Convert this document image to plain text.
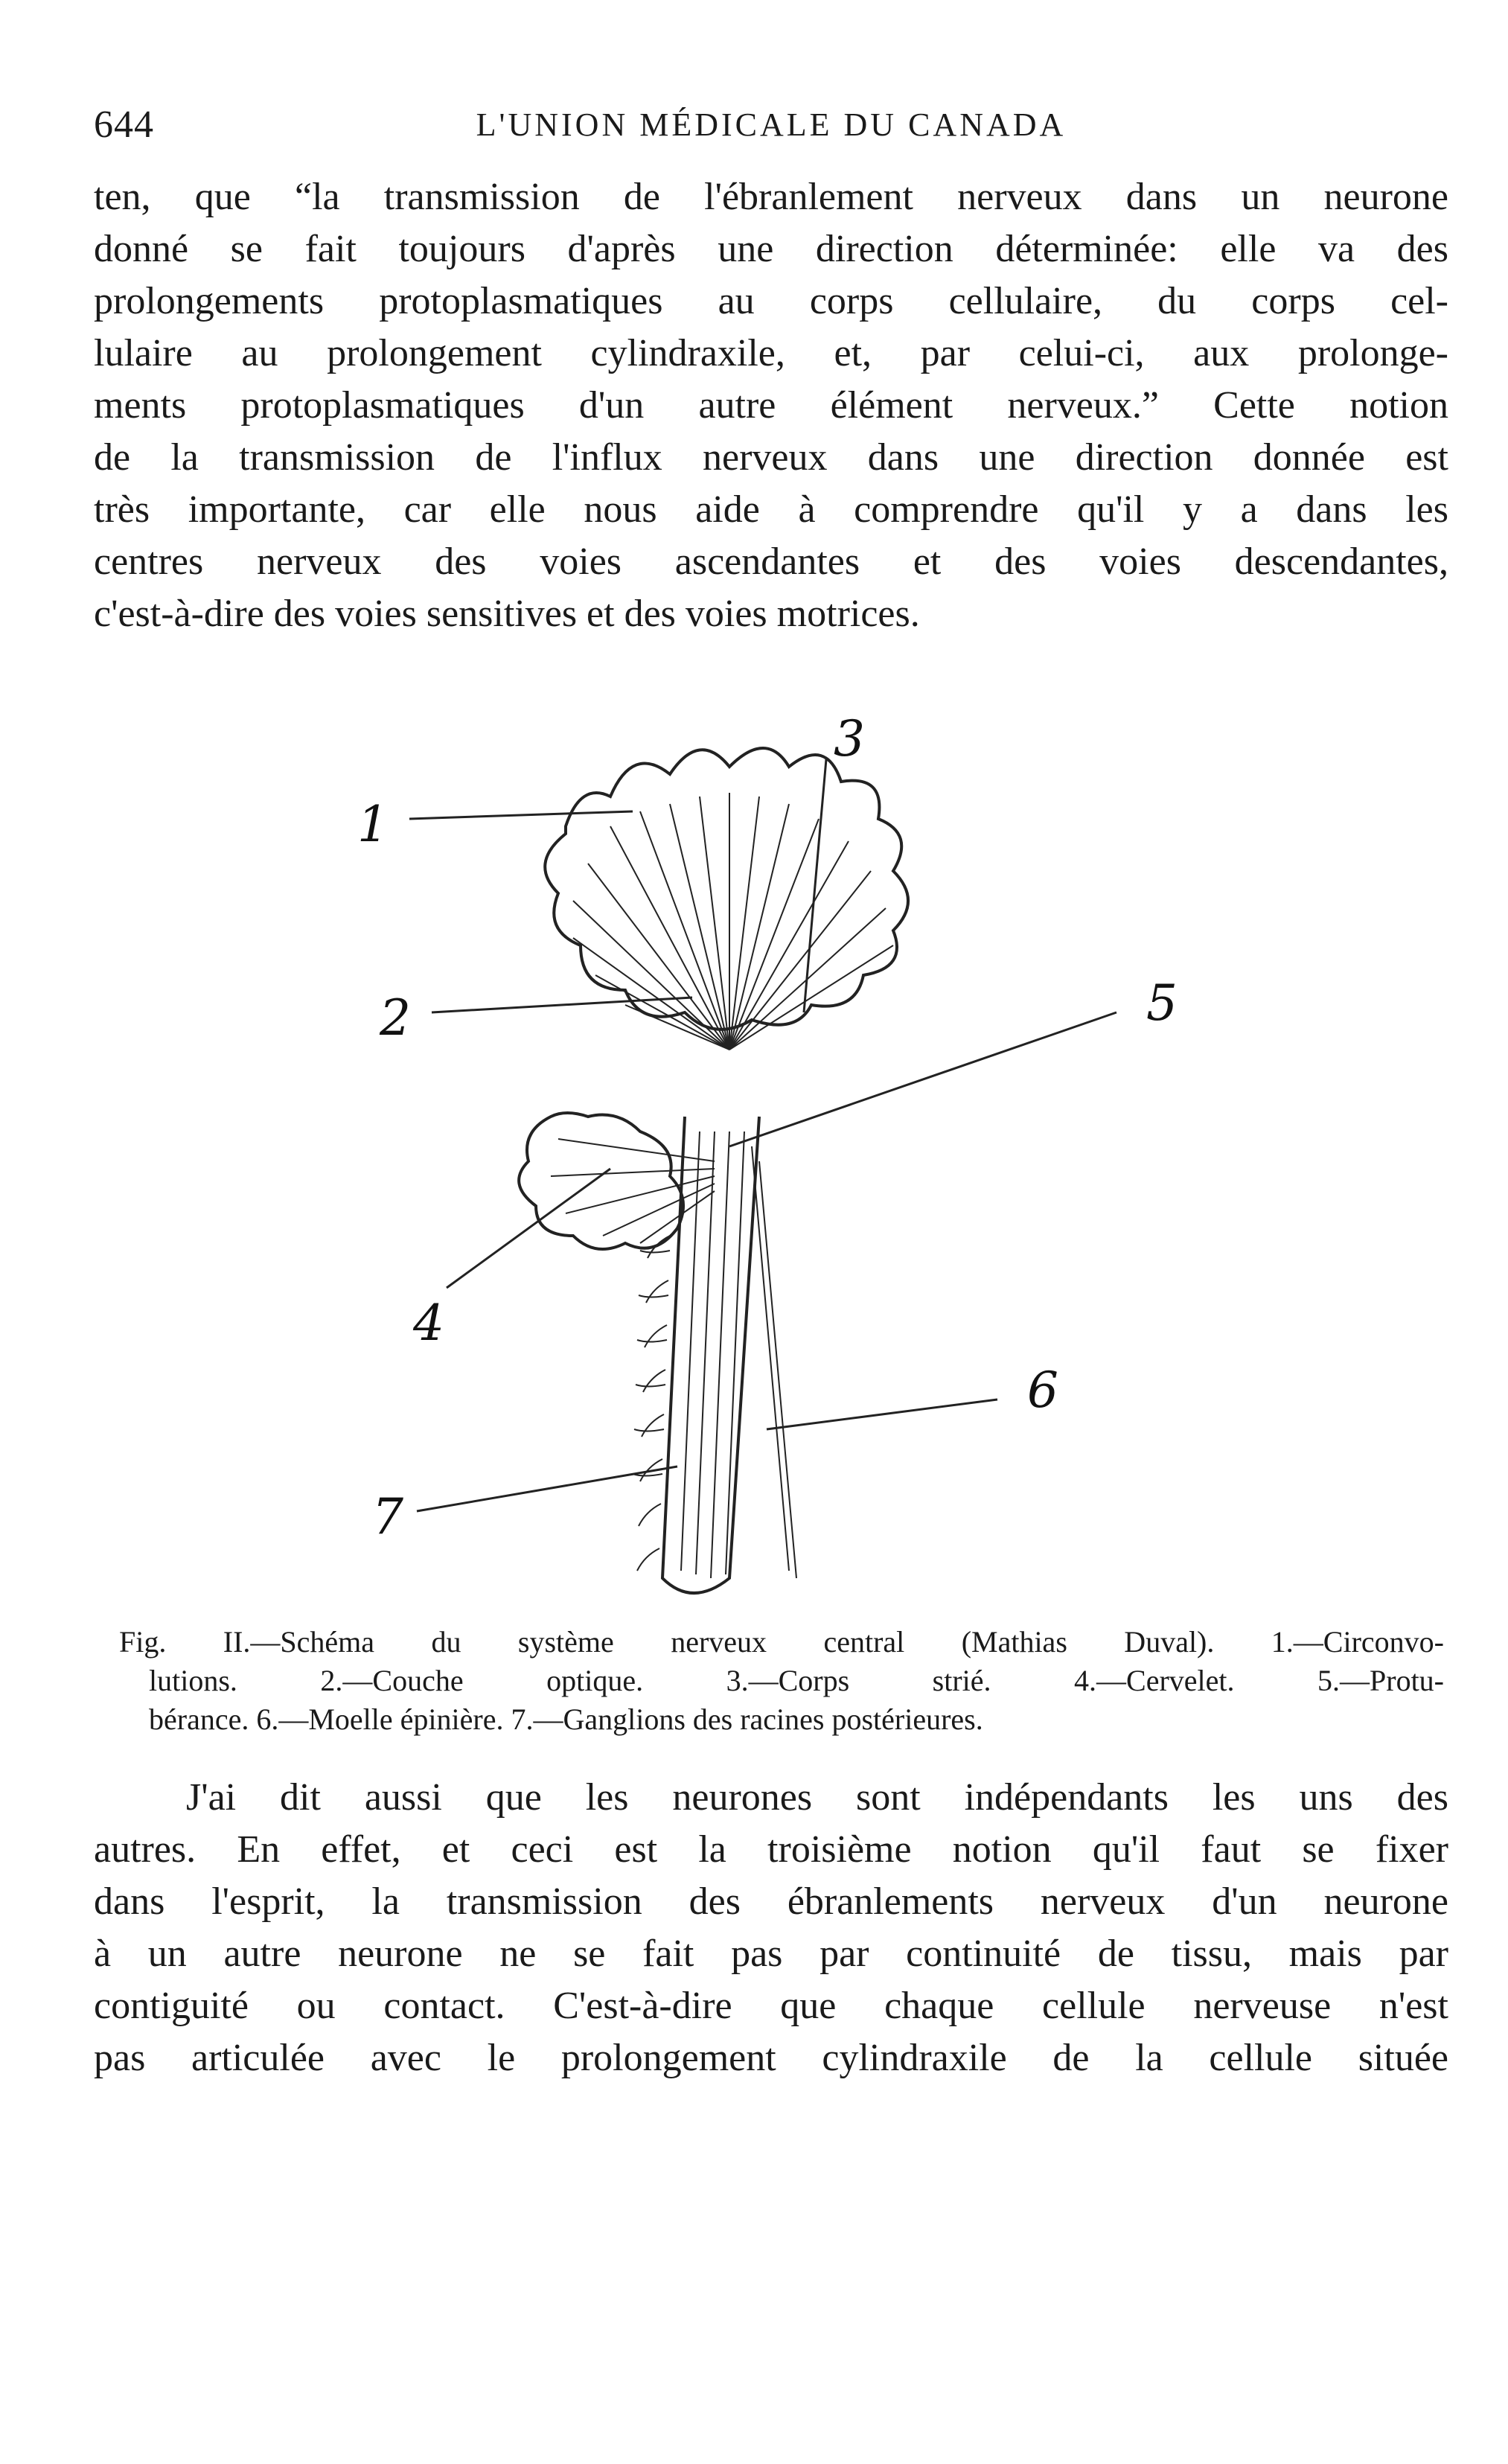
644	L'UNION MÉDICALE DU CANADA
ten, que “la transmission de l'ébranlement nerveux dans un neurone
donné se fait toujours d'après une direction déterminée: elle va des
prolongements protoplasmatiques au corps cellulaire, du corps cel-
lulaire au prolongement cylindraxile, et, par celui-ci, aux prolonge-
ments protoplasmatiques d'un autre élément nerveux.” Cette notion
de la transmission de l'influx nerveux dans une direction donnée est
très importante, car elle nous aide à comprendre qu'il y a dans les
centres nerveux des voies ascendantes et des voies descendantes,
c'est-à-dire des voies sensitives et des voies motrices.
1
2
3
4
5
6
7
Fig. II.—Schéma du système nerveux central (Mathias Duval). 1.—Circonvo-
lutions. 2.—Couche optique. 3.—Corps strié. 4.—Cervelet. 5.—Protu-
bérance. 6.—Moelle épinière. 7.—Ganglions des racines postérieures.
J'ai dit aussi que les neurones sont indépendants les uns des
autres. En effet, et ceci est la troisième notion qu'il faut se fixer
dans l'esprit, la transmission des ébranlements nerveux d'un neurone
à un autre neurone ne se fait pas par continuité de tissu, mais par
contiguité ou contact. C'est-à-dire que chaque cellule nerveuse n'est
pas articulée avec le prolongement cylindraxile de la cellule située
